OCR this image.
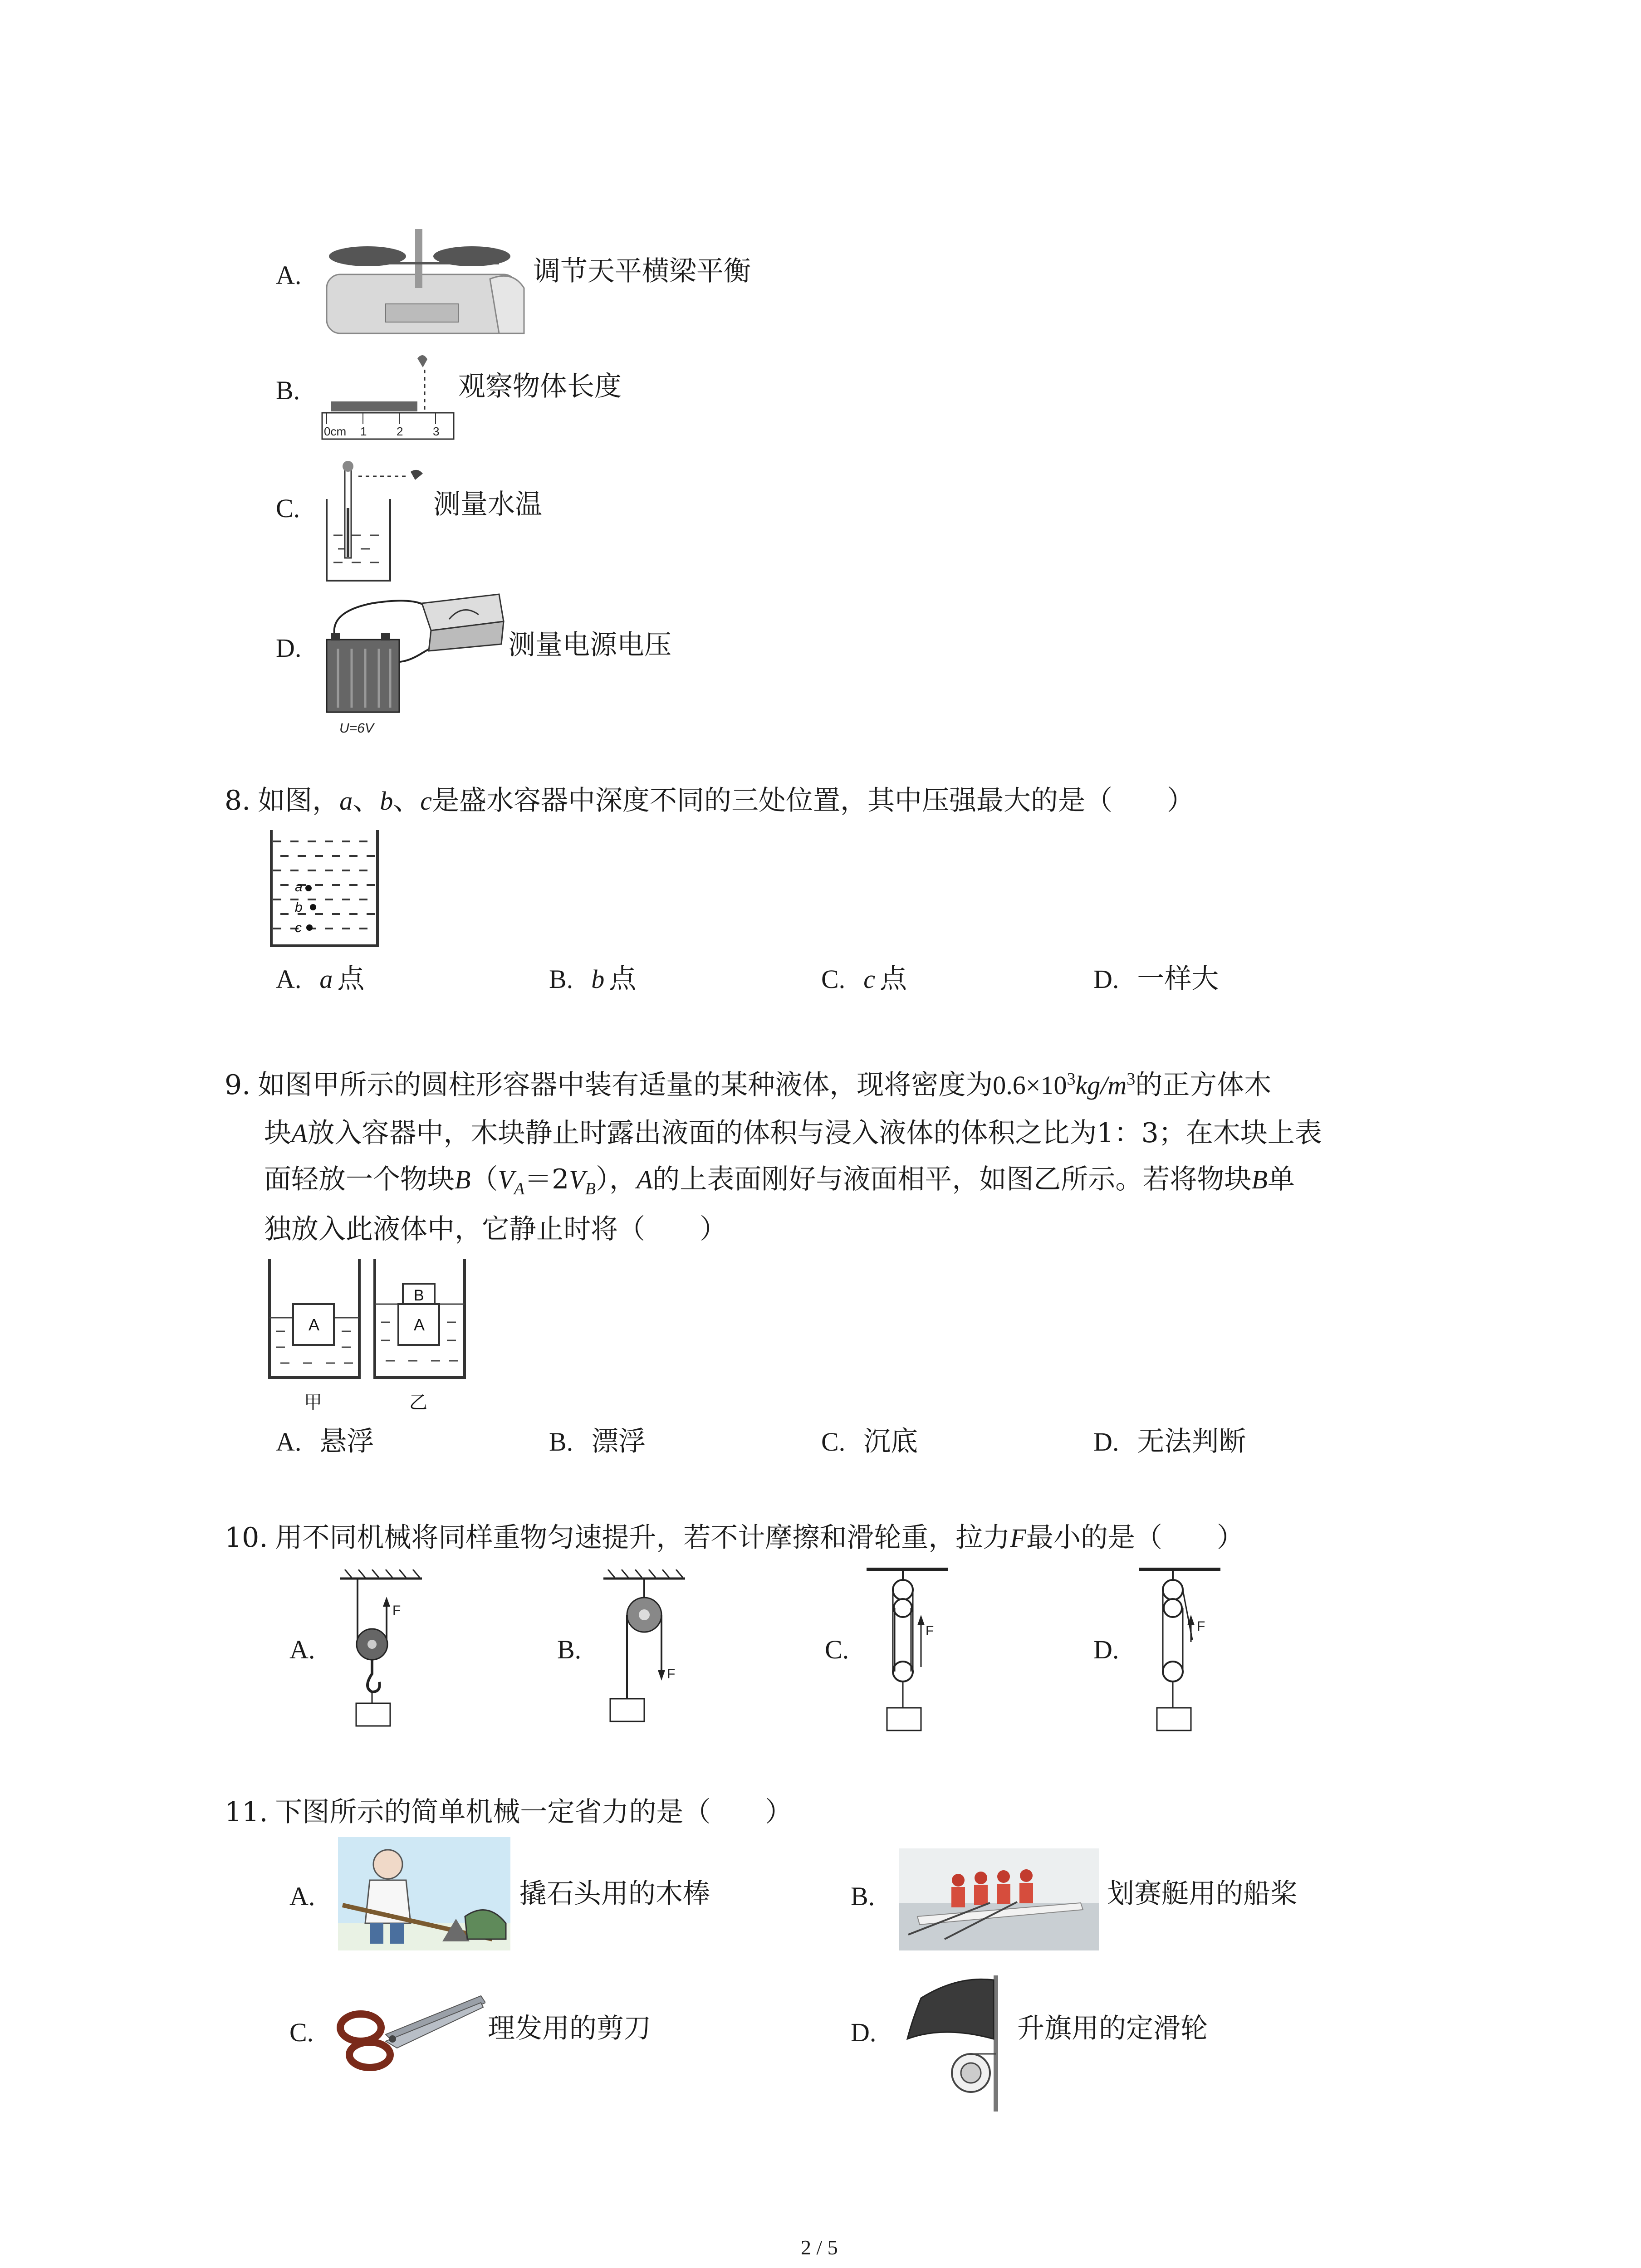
A.	调节天平横梁平衡
B.
0cm 1	2	3
观察物体长度
C.	测量水温
D.
U=6V
测量电源电压
8. 如图，a、b、c是盛水容器中深度不同的三处位置，其中压强最大的是（　　）
a
b
c
A. a 点	B. b 点	C. c 点	D. 一样大
9. 如图甲所示的圆柱形容器中装有适量的某种液体，现将密度为$0.6\times 10^3kg/m^3$的正方体木
块A放入容器中，木块静止时露出液面的体积与浸入液体的体积之比为1：3；在木块上表
面轻放一个物块$B(V_A=2V_B)$，A的上表面刚好与液面相平，如图乙所示。若将物块B单
独放入此液体中，它静止时将（　　）
A
甲
A
B
乙
A. 悬浮	B. 漂浮	C. 沉底	D. 无法判断
10. 用不同机械将同样重物匀速提升，若不计摩擦和滑轮重，拉力F最小的是（　　）
A.
F
B.
F
C.
F
D.
F
11. 下图所示的简单机械一定省力的是（　　）
A.	撬石头用的木棒	B.	划赛艇用的船桨
C.	理发用的剪刀	D.	升旗用的定滑轮
2 / 5
